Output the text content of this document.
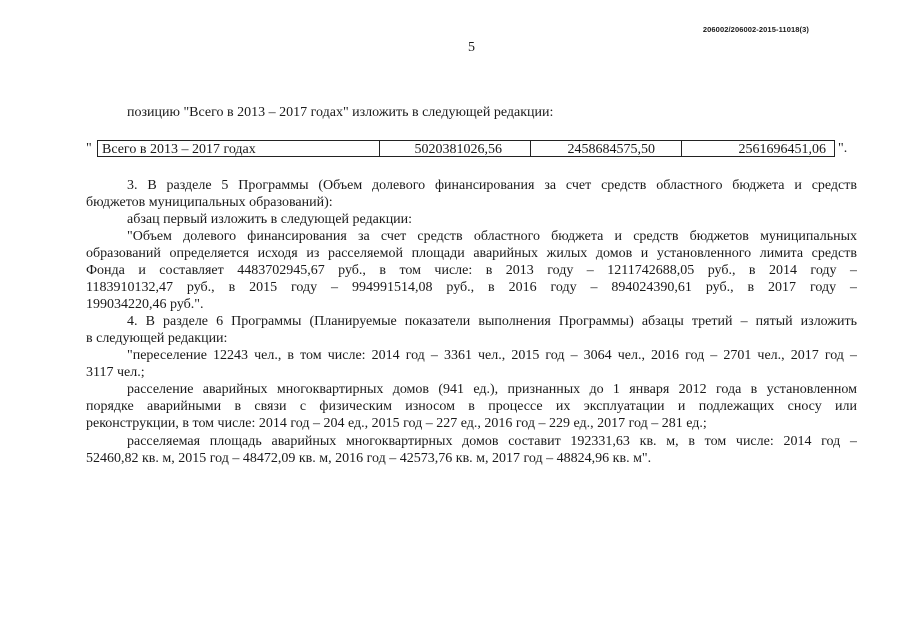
206002/206002-2015-11018(3)
5
позицию "Всего в 2013 – 2017 годах" изложить в следующей редакции:
" Всего в 2013 – 2017 годах	5020381026,56	2458684575,50	2561696451,06 ".
3. В разделе 5 Программы (Объем долевого финансирования за счет средств областного бюджета и средств
бюджетов муниципальных образований):
абзац первый изложить в следующей редакции:
"Объем долевого финансирования за счет средств областного бюджета и средств бюджетов муниципальных
образований определяется исходя из расселяемой площади аварийных жилых домов и установленного лимита средств
Фонда и составляет 4483702945,67 руб., в том числе: в 2013 году – 1211742688,05 руб., в 2014 году –
1183910132,47 руб., в 2015 году – 994991514,08 руб., в 2016 году – 894024390,61 руб., в 2017 году –
199034220,46 руб.".
4. В разделе 6 Программы (Планируемые показатели выполнения Программы) абзацы третий – пятый изложить
в следующей редакции:
"переселение 12243 чел., в том числе: 2014 год – 3361 чел., 2015 год – 3064 чел., 2016 год – 2701 чел., 2017 год –
3117 чел.;
расселение аварийных многоквартирных домов (941 ед.), признанных до 1 января 2012 года в установленном
порядке аварийными в связи с физическим износом в процессе их эксплуатации и подлежащих сносу или
реконструкции, в том числе: 2014 год – 204 ед., 2015 год – 227 ед., 2016 год – 229 ед., 2017 год – 281 ед.;
расселяемая площадь аварийных многоквартирных домов составит 192331,63 кв. м, в том числе: 2014 год –
52460,82 кв. м, 2015 год – 48472,09 кв. м, 2016 год – 42573,76 кв. м, 2017 год – 48824,96 кв. м".
